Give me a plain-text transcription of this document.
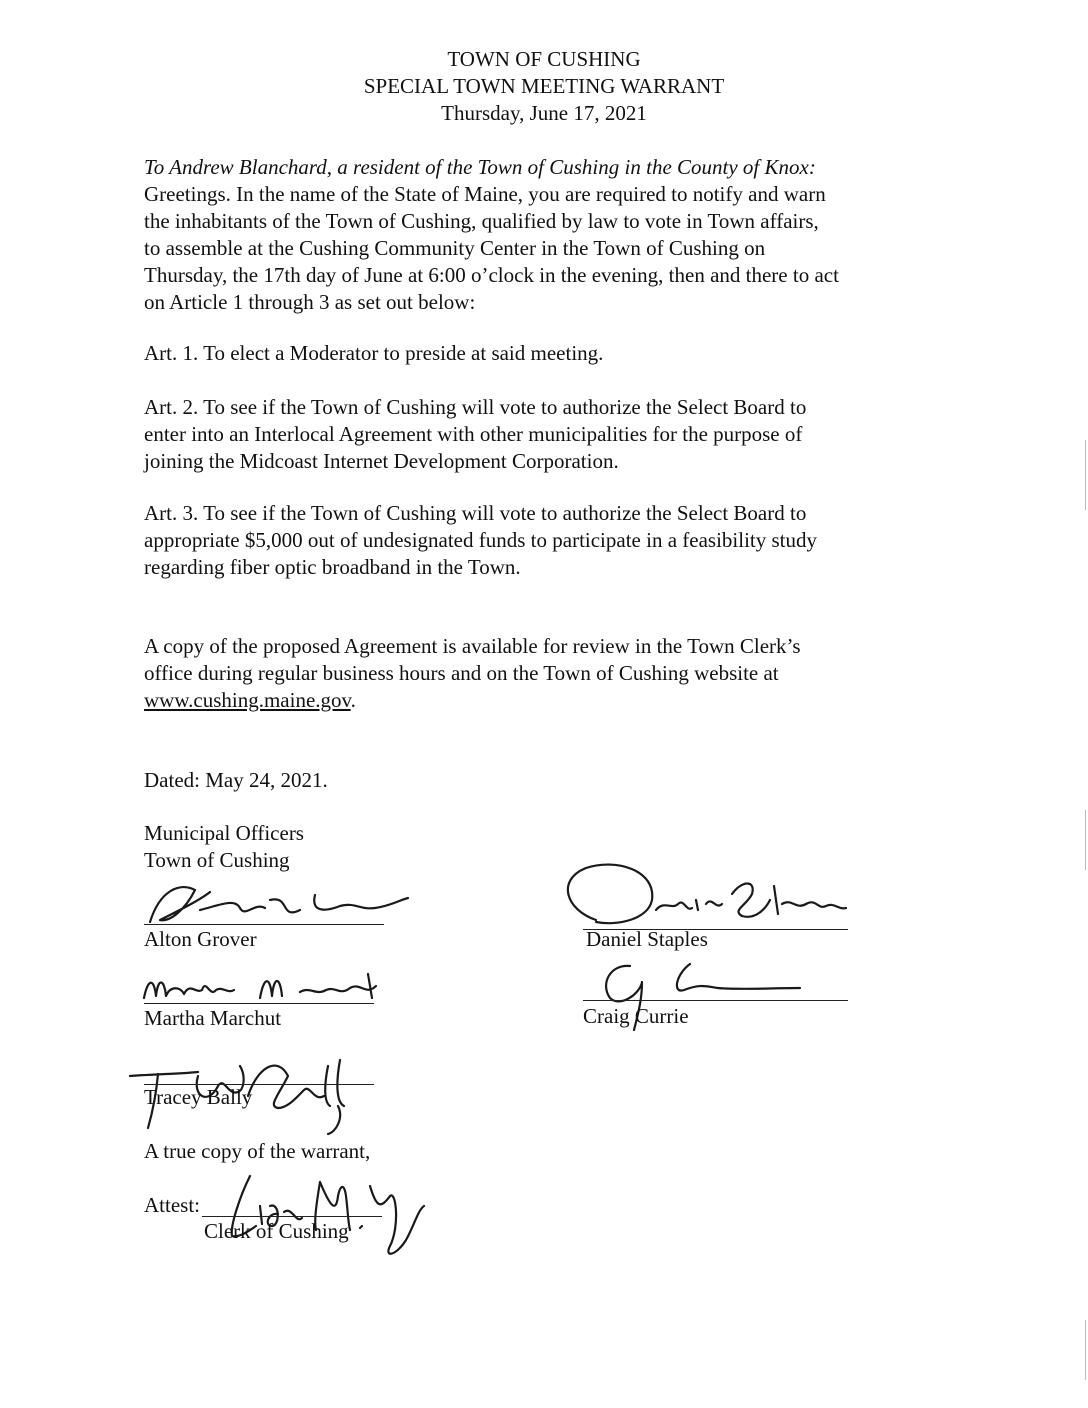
TOWN OF CUSHING
SPECIAL TOWN MEETING WARRANT
Thursday, June 17, 2021
To Andrew Blanchard, a resident of the Town of Cushing in the County of Knox:
Greetings. In the name of the State of Maine, you are required to notify and warn
the inhabitants of the Town of Cushing, qualified by law to vote in Town affairs,
to assemble at the Cushing Community Center in the Town of Cushing on
Thursday, the 17th day of June at 6:00 o’clock in the evening, then and there to act
on Article 1 through 3 as set out below:
Art. 1. To elect a Moderator to preside at said meeting.
Art. 2. To see if the Town of Cushing will vote to authorize the Select Board to
enter into an Interlocal Agreement with other municipalities for the purpose of
joining the Midcoast Internet Development Corporation.
Art. 3. To see if the Town of Cushing will vote to authorize the Select Board to
appropriate $5,000 out of undesignated funds to participate in a feasibility study
regarding fiber optic broadband in the Town.
A copy of the proposed Agreement is available for review in the Town Clerk’s
office during regular business hours and on the Town of Cushing website at
www.cushing.maine.gov.
Dated: May 24, 2021.
Municipal Officers
Town of Cushing
Alton Grover
Martha Marchut
Tracey Bally
Daniel Staples
Craig Currie
A true copy of the warrant,
Attest:
Clerk of Cushing
